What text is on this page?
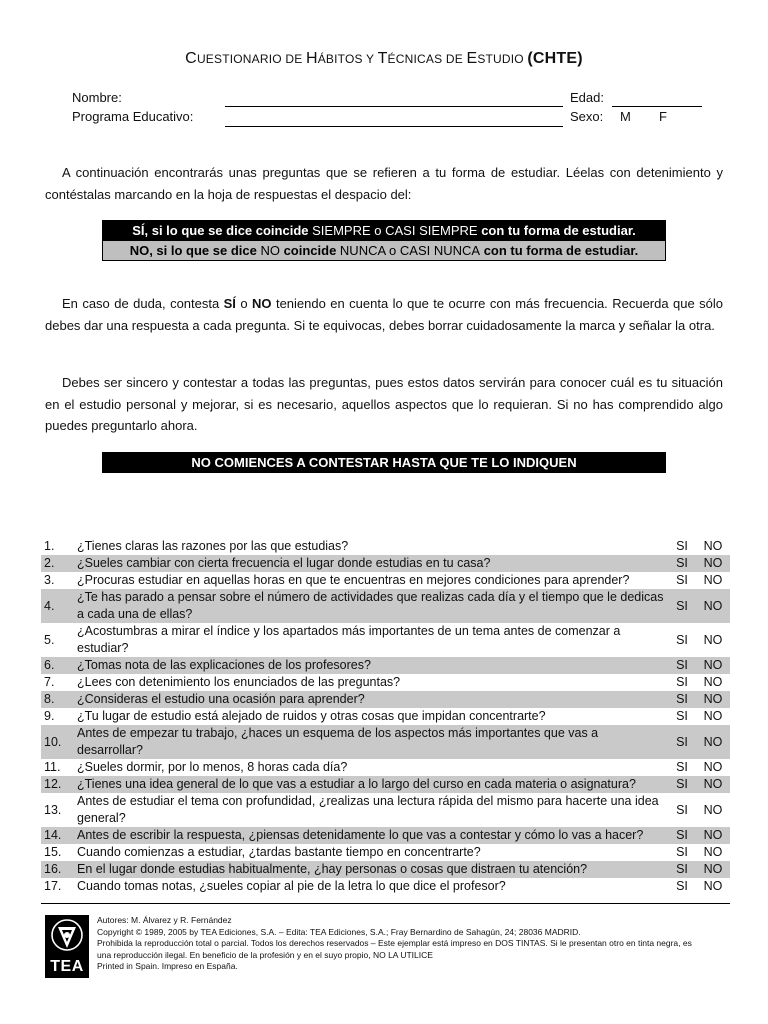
CUESTIONARIO DE HÁBITOS Y TÉCNICAS DE ESTUDIO (CHTE)
Nombre:	Edad:
Programa Educativo:	Sexo: M F
A continuación encontrarás unas preguntas que se refieren a tu forma de estudiar. Léelas con detenimiento y contéstalas marcando en la hoja de respuestas el despacio del:
SÍ, si lo que se dice coincide SIEMPRE o CASI SIEMPRE con tu forma de estudiar.
NO, si lo que se dice NO coincide NUNCA o CASI NUNCA con tu forma de estudiar.
En caso de duda, contesta SÍ o NO teniendo en cuenta lo que te ocurre con más frecuencia. Recuerda que sólo debes dar una respuesta a cada pregunta. Si te equivocas, debes borrar cuidadosamente la marca y señalar la otra.
Debes ser sincero y contestar a todas las preguntas, pues estos datos servirán para conocer cuál es tu situación en el estudio personal y mejorar, si es necesario, aquellos aspectos que lo requieran. Si no has comprendido algo puedes preguntarlo ahora.
NO COMIENCES A CONTESTAR HASTA QUE TE LO INDIQUEN
1.	¿Tienes claras las razones por las que estudias?	SI	NO
2.	¿Sueles cambiar con cierta frecuencia el lugar donde estudias en tu casa?	SI	NO
3.	¿Procuras estudiar en aquellas horas en que te encuentras en mejores condiciones para aprender?	SI	NO
4.	¿Te has parado a pensar sobre el número de actividades que realizas cada día y el tiempo que le dedicas a cada una de ellas?	SI	NO
5.	¿Acostumbras a mirar el índice y los apartados más importantes de un tema antes de comenzar a estudiar?	SI	NO
6.	¿Tomas nota de las explicaciones de los profesores?	SI	NO
7.	¿Lees con detenimiento los enunciados de las preguntas?	SI	NO
8.	¿Consideras el estudio una ocasión para aprender?	SI	NO
9.	¿Tu lugar de estudio está alejado de ruidos y otras cosas que impidan concentrarte?	SI	NO
10.	Antes de empezar tu trabajo, ¿haces un esquema de los aspectos más importantes que vas a desarrollar?	SI	NO
11.	¿Sueles dormir, por lo menos, 8 horas cada día?	SI	NO
12.	¿Tienes una idea general de lo que vas a estudiar a lo largo del curso en cada materia o asignatura?	SI	NO
13.	Antes de estudiar el tema con profundidad, ¿realizas una lectura rápida del mismo para hacerte una idea general?	SI	NO
14.	Antes de escribir la respuesta, ¿piensas detenidamente lo que vas a contestar y cómo lo vas a hacer?	SI	NO
15.	Cuando comienzas a estudiar, ¿tardas bastante tiempo en concentrarte?	SI	NO
16.	En el lugar donde estudias habitualmente, ¿hay personas o cosas que distraen tu atención?	SI	NO
17.	Cuando tomas notas, ¿sueles copiar al pie de la letra lo que dice el profesor?	SI	NO
TEA
Autores: M. Álvarez y R. Fernández
Copyright © 1989, 2005 by TEA Ediciones, S.A. – Edita: TEA Ediciones, S.A.; Fray Bernardino de Sahagún, 24; 28036 MADRID.
Prohibida la reproducción total o parcial. Todos los derechos reservados – Este ejemplar está impreso en DOS TINTAS. Si le presentan otro en tinta negra, es una reproducción ilegal. En beneficio de la profesión y en el suyo propio, NO LA UTILICE
Printed in Spain. Impreso en España.
